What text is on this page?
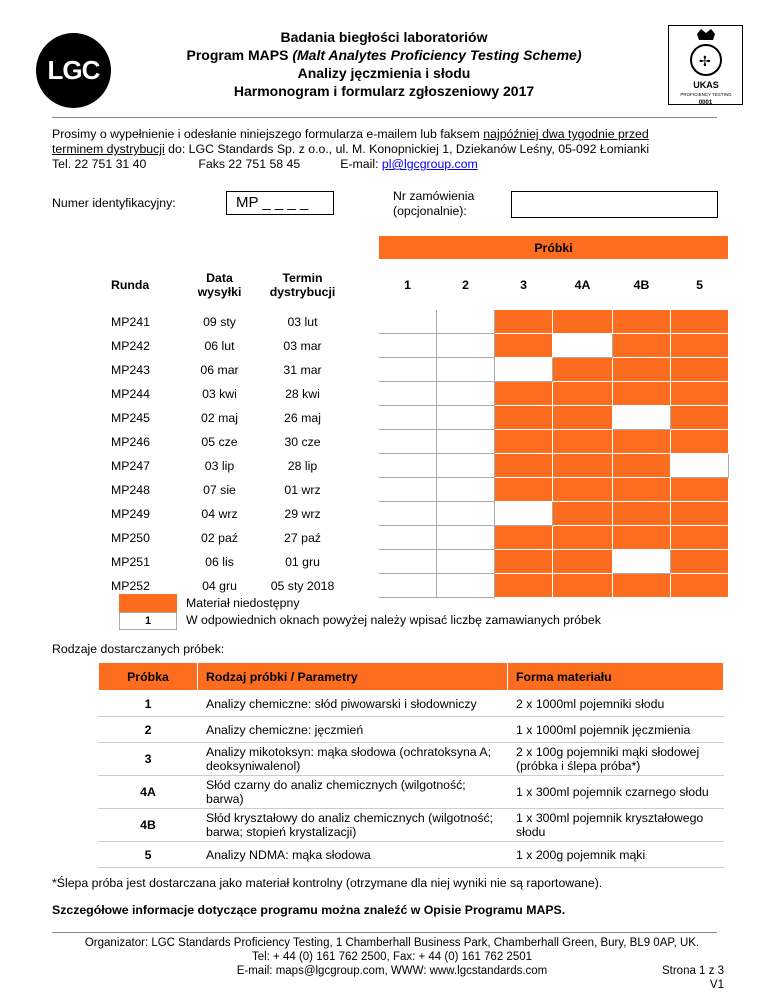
LGC	✢
UKAS
PROFICIENCY TESTING
0001
Badania biegłości laboratoriów
Program MAPS (Malt Analytes Proficiency Testing Scheme)
Analizy jęczmienia i słodu
Harmonogram i formularz zgłoszeniowy 2017
Prosimy o wypełnienie i odesłanie niniejszego formularza e-mailem lub faksem najpóźniej dwa tygodnie przed
terminem dystrybucji do: LGC Standards Sp. z o.o., ul. M. Konopnickiej 1, Dziekanów Leśny, 05-092 Łomianki
Tel. 22 751 31 40	Faks 22 751 58 45	E-mail: pl@lgcgroup.com
Numer identyfikacyjny:	MP _ _ _ _	Nr zamówienia
(opcjonalnie):
				Próbki					
Runda	Data wysyłki	Termin dystrybucji		1	2	3	4A	4B	5
MP241	09 sty	03 lut							
MP242	06 lut	03 mar							
MP243	06 mar	31 mar							
MP244	03 kwi	28 kwi							
MP245	02 maj	26 maj							
MP246	05 cze	30 cze							
MP247	03 lip	28 lip							
MP248	07 sie	01 wrz							
MP249	04 wrz	29 wrz							
MP250	02 paź	27 paź							
MP251	06 lis	01 gru							
MP252	04 gru	05 sty 2018							
1
Materiał niedostępny
W odpowiednich oknach powyżej należy wpisać liczbę zamawianych próbek
Rodzaje dostarczanych próbek:
Próbka	Rodzaj próbki / Parametry	Forma materiału
1	Analizy chemiczne: słód piwowarski i słodowniczy	2 x 1000ml pojemniki słodu
2	Analizy chemiczne: jęczmień	1 x 1000ml pojemnik jęczmienia
3	Analizy mikotoksyn: mąka słodowa (ochratoksyna A; deoksyniwalenol)	2 x 100g pojemniki mąki słodowej (próbka i ślepa próba*)
4A	Słód czarny do analiz chemicznych (wilgotność; barwa)	1 x 300ml pojemnik czarnego słodu
4B	Słód kryształowy do analiz chemicznych (wilgotność; barwa; stopień krystalizacji)	1 x 300ml pojemnik kryształowego słodu
5	Analizy NDMA: mąka słodowa	1 x 200g pojemnik mąki
*Ślepa próba jest dostarczana jako materiał kontrolny (otrzymane dla niej wyniki nie są raportowane).
Szczegółowe informacje dotyczące programu można znaleźć w Opisie Programu MAPS.
Organizator: LGC Standards Proficiency Testing, 1 Chamberhall Business Park, Chamberhall Green, Bury, BL9 0AP, UK.
Tel: + 44 (0) 161 762 2500, Fax: + 44 (0) 161 762 2501
E-mail: maps@lgcgroup.com, WWW: www.lgcstandards.com	Strona 1 z 3
V1
